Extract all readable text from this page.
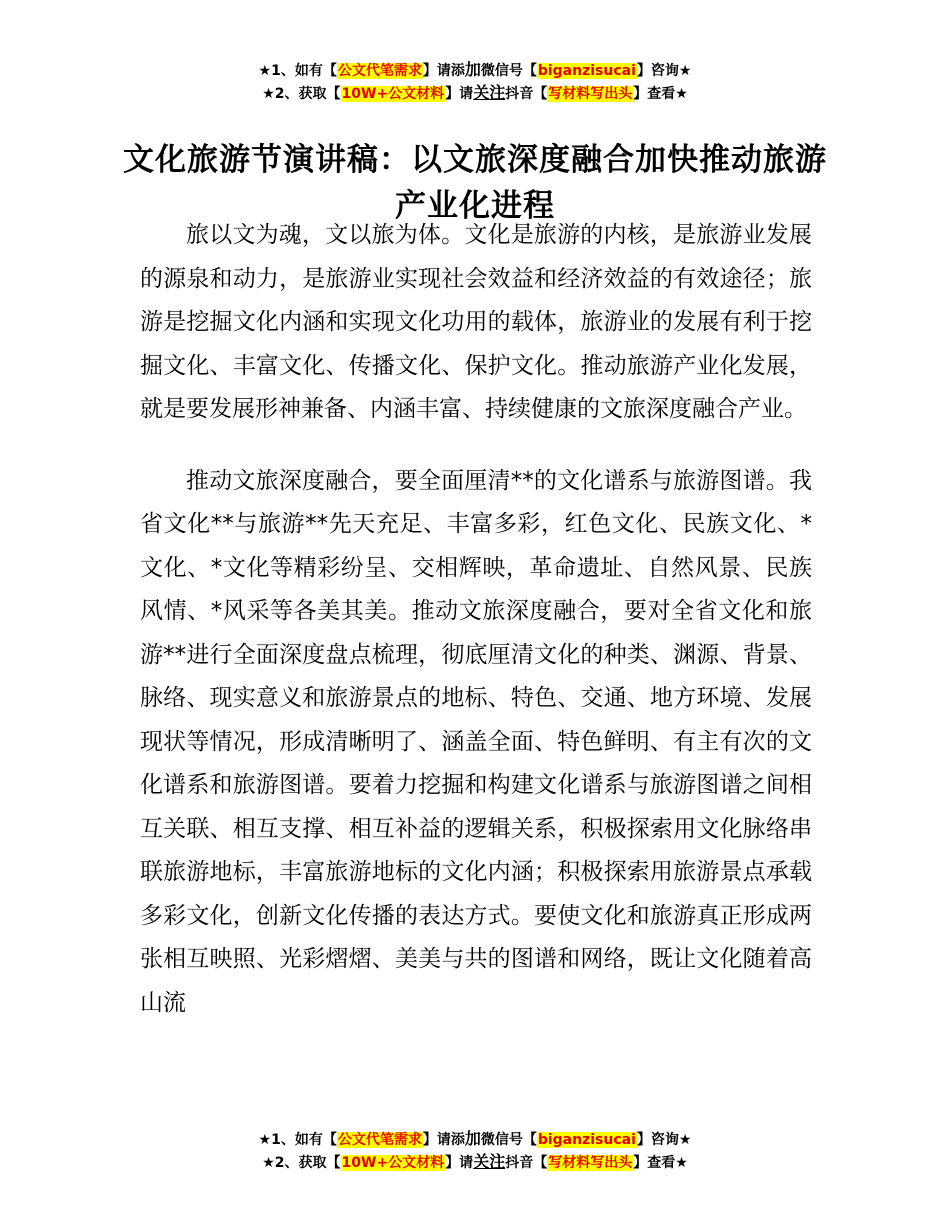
★1、如有【公文代笔需求】请添加微信号【biganzisucai】咨询★
★2、获取【10W+公文材料】请关注抖音【写材料写出头】查看★
文化旅游节演讲稿：以文旅深度融合加快推动旅游产业化进程

旅以文为魂，文以旅为体。文化是旅游的内核，是旅游业发展的源泉和动力，是旅游业实现社会效益和经济效益的有效途径；旅游是挖掘文化内涵和实现文化功用的载体，旅游业的发展有利于挖掘文化、丰富文化、传播文化、保护文化。推动旅游产业化发展，就是要发展形神兼备、内涵丰富、持续健康的文旅深度融合产业。

推动文旅深度融合，要全面厘清**的文化谱系与旅游图谱。我省文化**与旅游**先天充足、丰富多彩，红色文化、民族文化、*文化、*文化等精彩纷呈、交相辉映，革命遗址、自然风景、民族风情、*风采等各美其美。推动文旅深度融合，要对全省文化和旅游**进行全面深度盘点梳理，彻底厘清文化的种类、渊源、背景、脉络、现实意义和旅游景点的地标、特色、交通、地方环境、发展现状等情况，形成清晰明了、涵盖全面、特色鲜明、有主有次的文化谱系和旅游图谱。要着力挖掘和构建文化谱系与旅游图谱之间相互关联、相互支撑、相互补益的逻辑关系，积极探索用文化脉络串联旅游地标，丰富旅游地标的文化内涵；积极探索用旅游景点承载多彩文化，创新文化传播的表达方式。要使文化和旅游真正形成两张相互映照、光彩熠熠、美美与共的图谱和网络，既让文化随着高山流

★1、如有【公文代笔需求】请添加微信号【biganzisucai】咨询★
★2、获取【10W+公文材料】请关注抖音【写材料写出头】查看★
